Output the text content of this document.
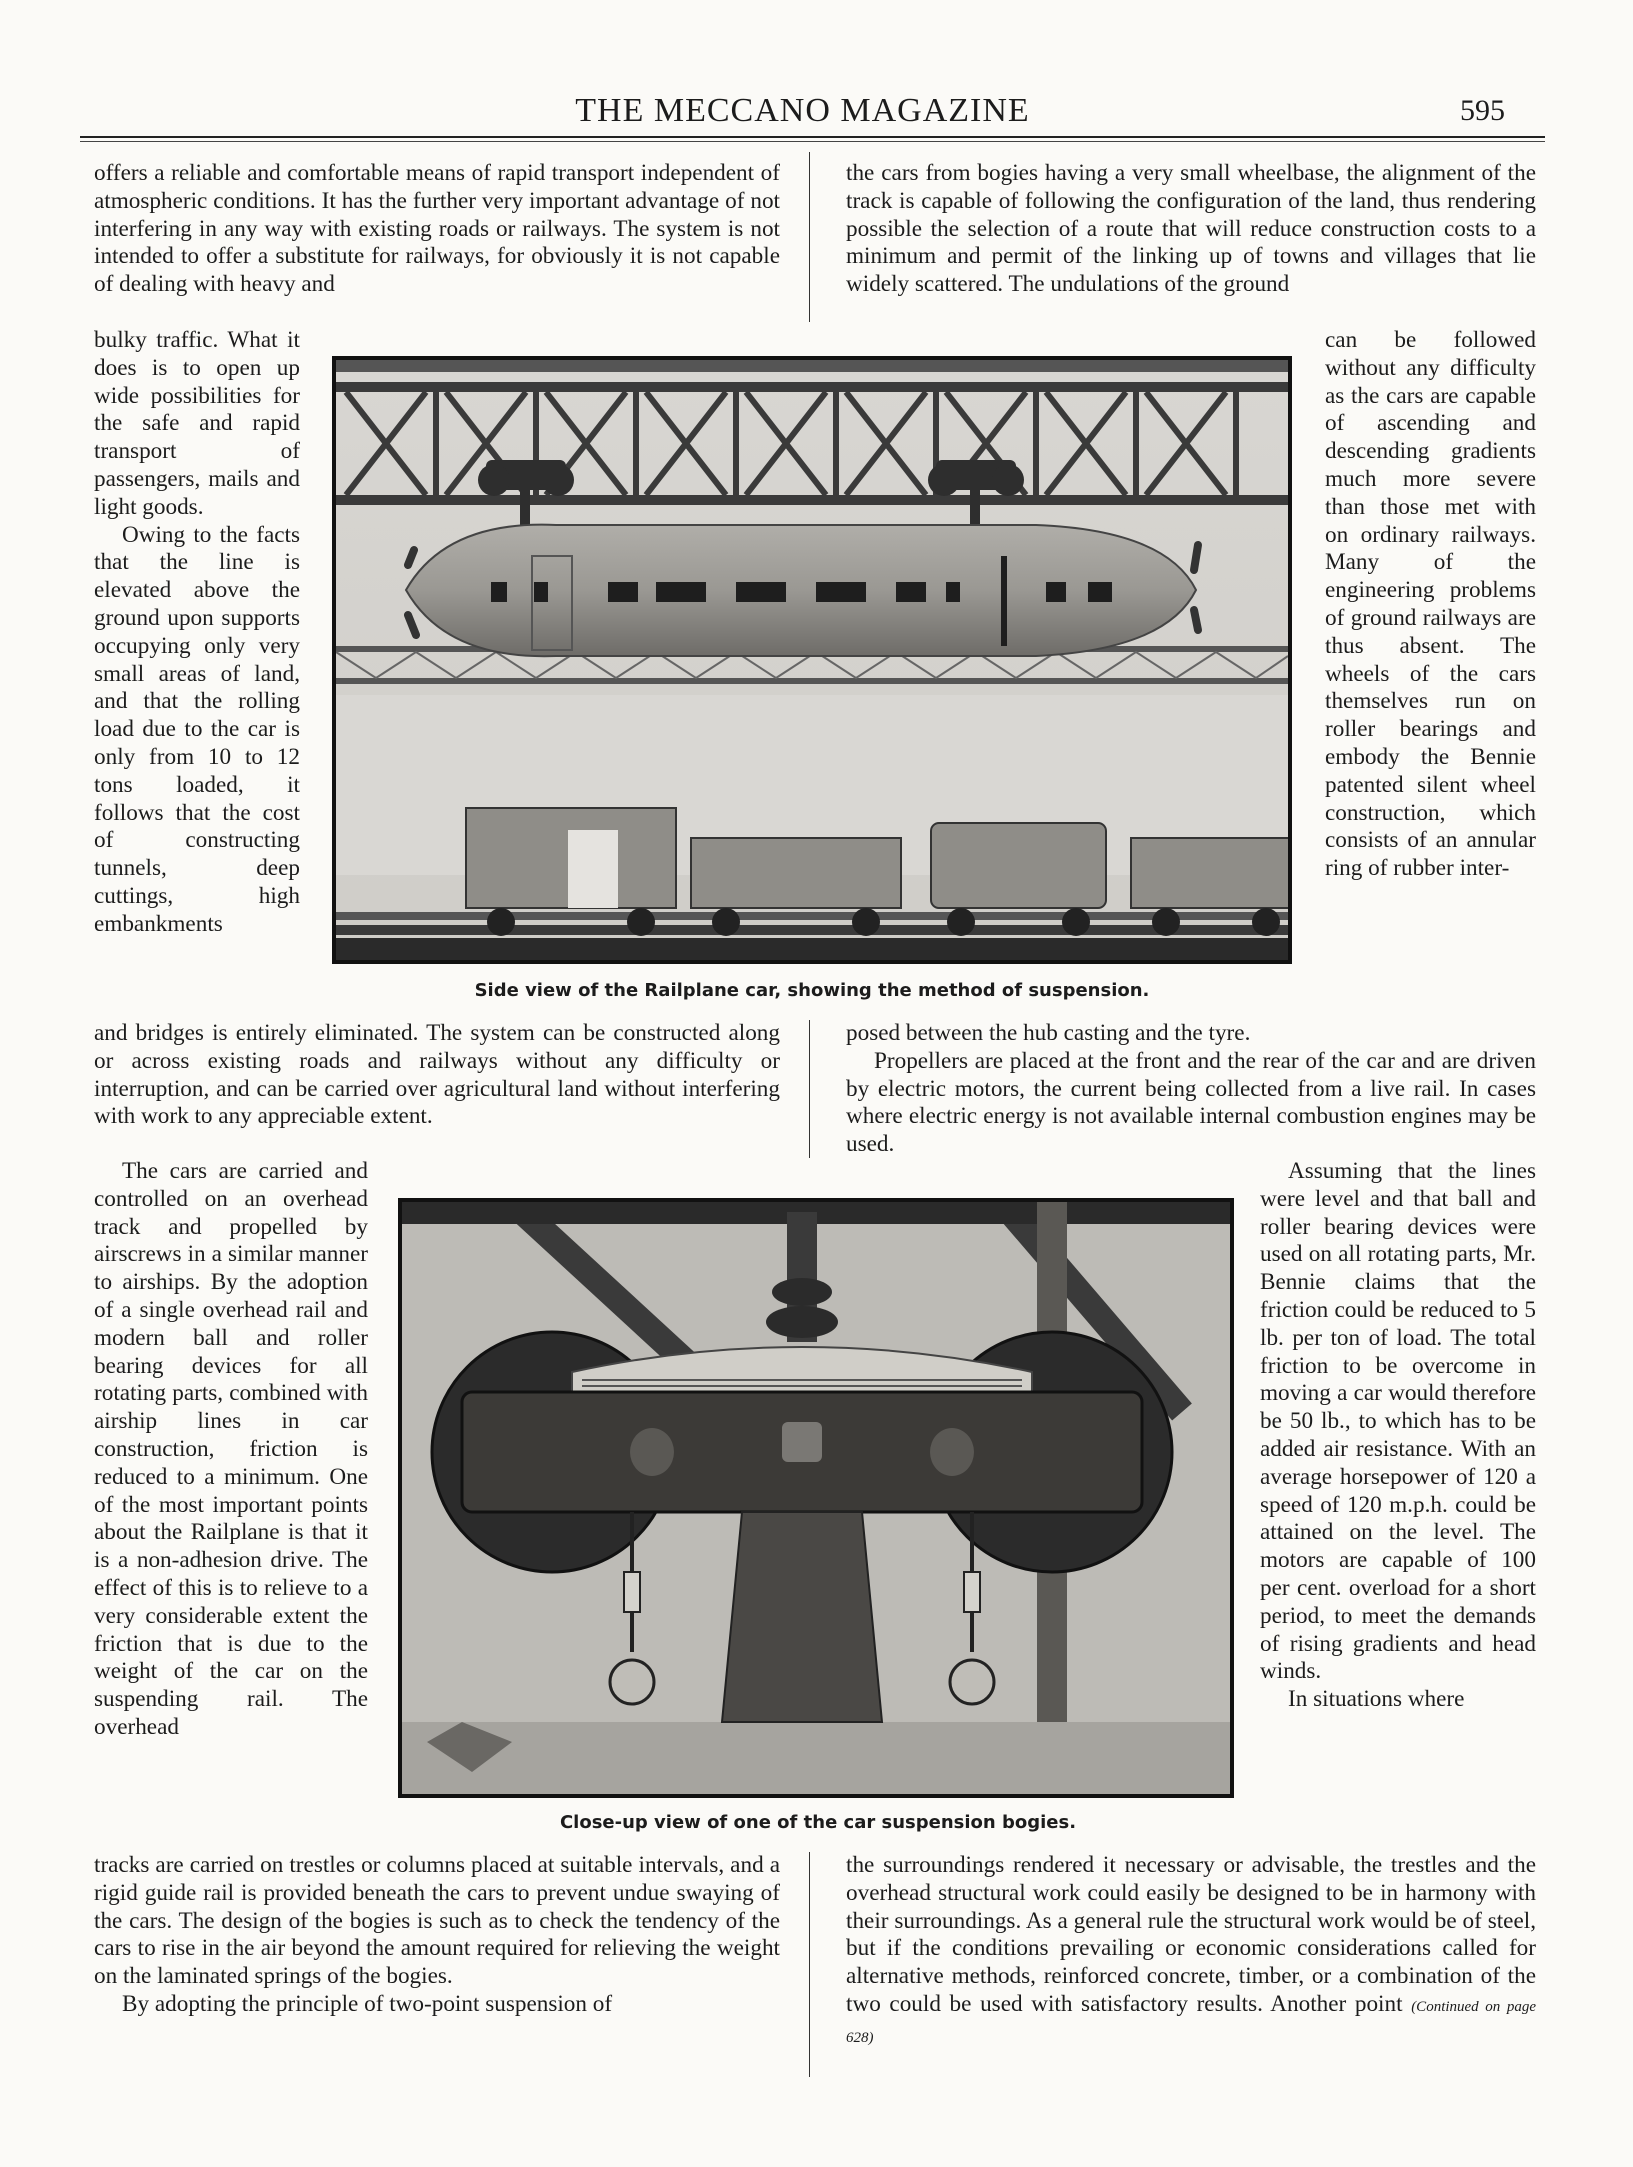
THE MECCANO MAGAZINE	595

offers a reliable and comfortable means of rapid transport independent of atmospheric conditions. It has the further very important advantage of not interfering in any way with existing roads or railways. The system is not intended to offer a substitute for railways, for obviously it is not capable of dealing with heavy and

bulky traffic. What it does is to open up wide possibilities for the safe and rapid transport of passengers, mails and light goods.

Owing to the facts that the line is elevated above the ground upon supports occupying only very small areas of land, and that the rolling load due to the car is only from 10 to 12 tons loaded, it follows that the cost of constructing tunnels, deep cuttings, high embankments

and bridges is entirely eliminated. The system can be constructed along or across existing roads and railways without any difficulty or interruption, and can be carried over agricultural land without interfering with work to any appreciable extent.

The cars are carried and controlled on an overhead track and propelled by airscrews in a similar manner to airships. By the adoption of a single overhead rail and modern ball and roller bearing devices for all rotating parts, combined with airship lines in car construction, friction is reduced to a minimum. One of the most important points about the Railplane is that it is a non-adhesion drive. The effect of this is to relieve to a very considerable extent the friction that is due to the weight of the car on the suspending rail. The overhead

tracks are carried on trestles or columns placed at suitable intervals, and a rigid guide rail is provided beneath the cars to prevent undue swaying of the cars. The design of the bogies is such as to check the tendency of the cars to rise in the air beyond the amount required for relieving the weight on the laminated springs of the bogies.

By adopting the principle of two-point suspension of

the cars from bogies having a very small wheelbase, the alignment of the track is capable of following the configuration of the land, thus rendering possible the selection of a route that will reduce construction costs to a minimum and permit of the linking up of towns and villages that lie widely scattered. The undulations of the ground

can be followed without any difficulty as the cars are capable of ascending and descending gradients much more severe than those met with on ordinary railways. Many of the engineering problems of ground railways are thus absent. The wheels of the cars themselves run on roller bearings and embody the Bennie patented silent wheel construction, which consists of an annular ring of rubber inter-

posed between the hub casting and the tyre.

Propellers are placed at the front and the rear of the car and are driven by electric motors, the current being collected from a live rail. In cases where electric energy is not available internal combustion engines may be used.

Assuming that the lines were level and that ball and roller bearing devices were used on all rotating parts, Mr. Bennie claims that the friction could be reduced to 5 lb. per ton of load. The total friction to be overcome in moving a car would therefore be 50 lb., to which has to be added air resistance. With an average horsepower of 120 a speed of 120 m.p.h. could be attained on the level. The motors are capable of 100 per cent. overload for a short period, to meet the demands of rising gradients and head winds.

In situations where

the surroundings rendered it necessary or advisable, the trestles and the overhead structural work could easily be designed to be in harmony with their surroundings. As a general rule the structural work would be of steel, but if the conditions prevailing or economic considerations called for alternative methods, reinforced concrete, timber, or a combination of the two could be used with satisfactory results. Another point (Continued on page 628)

Side view of the Railplane car, showing the method of suspension.
Close-up view of one of the car suspension bogies.
